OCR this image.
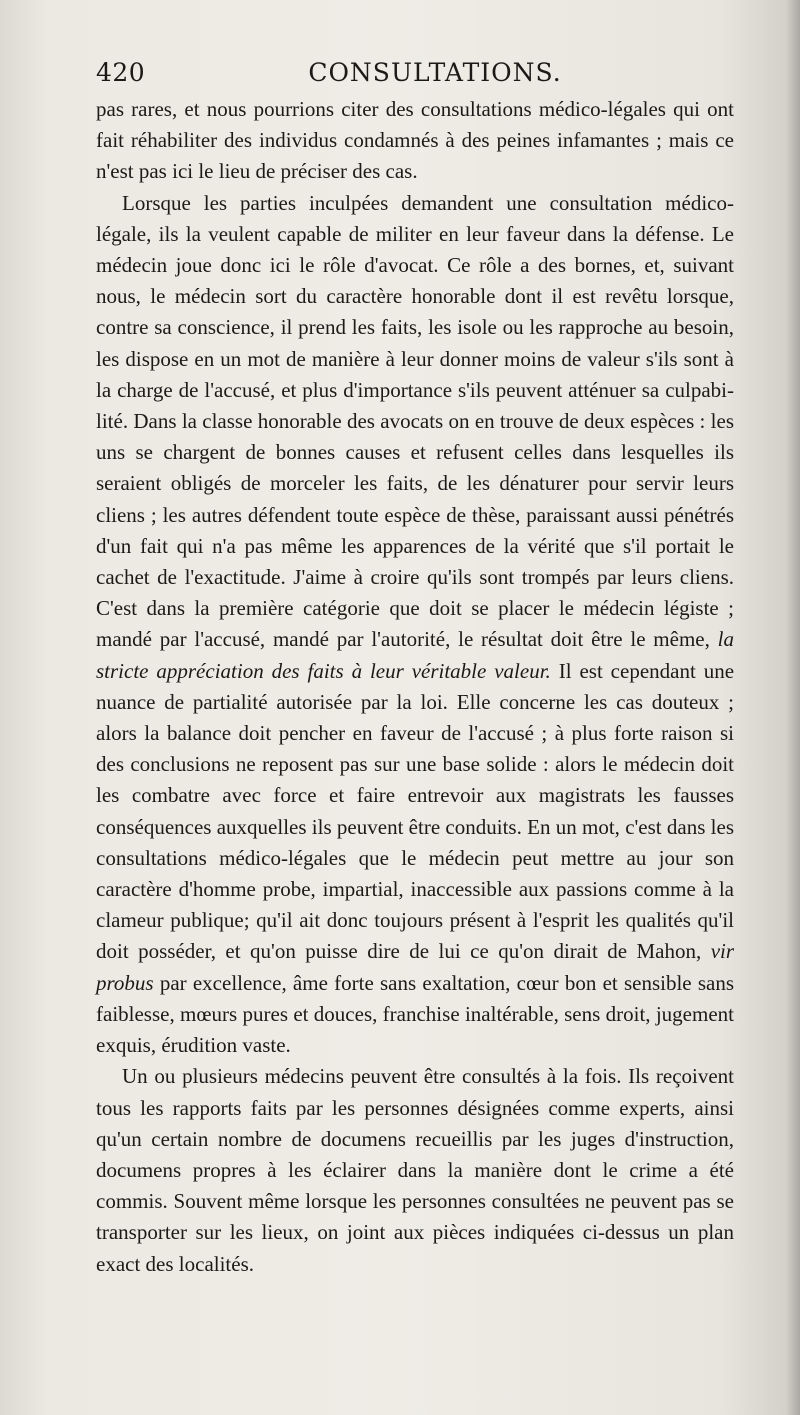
420	CONSULTATIONS.

pas rares, et nous pourrions citer des consultations médico-légales qui ont fait réhabiliter des individus condamnés à des peines infamantes ; mais ce n'est pas ici le lieu de préciser des cas.

Lorsque les parties inculpées demandent une consultation médico-légale, ils la veulent capable de militer en leur faveur dans la défense. Le médecin joue donc ici le rôle d'avocat. Ce rôle a des bornes, et, suivant nous, le médecin sort du caractère honorable dont il est revêtu lorsque, contre sa conscience, il prend les faits, les isole ou les rapproche au besoin, les dispose en un mot de manière à leur donner moins de valeur s'ils sont à la charge de l'accusé, et plus d'importance s'ils peuvent atténuer sa culpabilité. Dans la classe honorable des avocats on en trouve de deux espèces : les uns se chargent de bonnes causes et refusent celles dans lesquelles ils seraient obligés de morceler les faits, de les dénaturer pour servir leurs cliens ; les autres défendent toute espèce de thèse, paraissant aussi pénétrés d'un fait qui n'a pas même les apparences de la vérité que s'il portait le cachet de l'exactitude. J'aime à croire qu'ils sont trompés par leurs cliens. C'est dans la première catégorie que doit se placer le médecin légiste ; mandé par l'accusé, mandé par l'autorité, le résultat doit être le même, la stricte appréciation des faits à leur véritable valeur. Il est cependant une nuance de partialité autorisée par la loi. Elle concerne les cas douteux ; alors la balance doit pencher en faveur de l'accusé ; à plus forte raison si des conclusions ne reposent pas sur une base solide : alors le médecin doit les combatre avec force et faire entrevoir aux magistrats les fausses conséquences auxquelles ils peuvent être conduits. En un mot, c'est dans les consultations médico-légales que le médecin peut mettre au jour son caractère d'homme probe, impartial, inaccessible aux passions comme à la clameur publique; qu'il ait donc toujours présent à l'esprit les qualités qu'il doit posséder, et qu'on puisse dire de lui ce qu'on dirait de Mahon, vir probus par excellence, âme forte sans exaltation, cœur bon et sensible sans faiblesse, mœurs pures et douces, franchise inaltérable, sens droit, jugement exquis, érudition vaste.

Un ou plusieurs médecins peuvent être consultés à la fois. Ils reçoivent tous les rapports faits par les personnes désignées comme experts, ainsi qu'un certain nombre de documens recueillis par les juges d'instruction, documens propres à les éclairer dans la manière dont le crime a été commis. Souvent même lorsque les personnes consultées ne peuvent pas se transporter sur les lieux, on joint aux pièces indiquées ci-dessus un plan exact des localités.
